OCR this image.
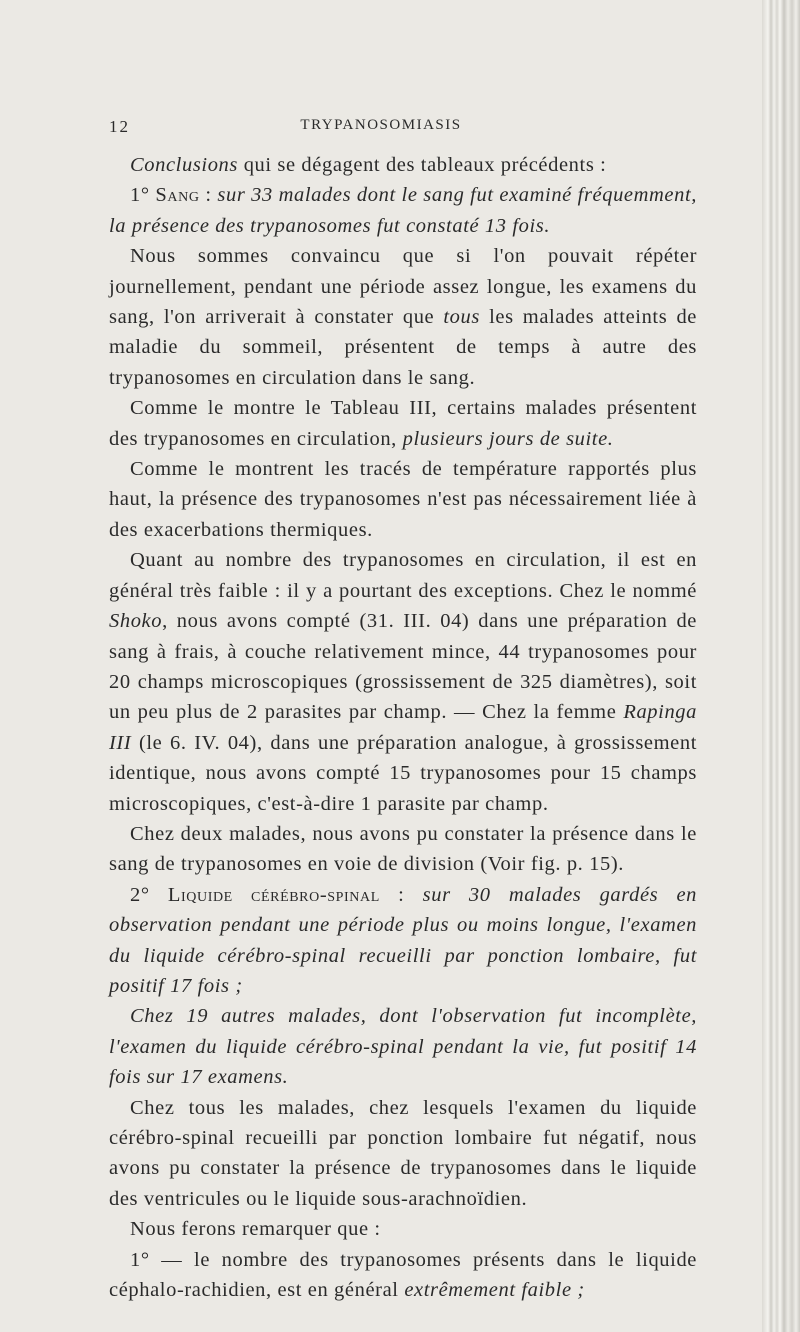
12	TRYPANOSOMIASIS

Conclusions qui se dégagent des tableaux précédents :

1° Sang : sur 33 malades dont le sang fut examiné fréquemment, la présence des trypanosomes fut constaté 13 fois.

Nous sommes convaincu que si l'on pouvait répéter journellement, pendant une période assez longue, les examens du sang, l'on arriverait à constater que tous les malades atteints de maladie du sommeil, présentent de temps à autre des trypanosomes en circulation dans le sang.

Comme le montre le Tableau III, certains malades présentent des trypanosomes en circulation, plusieurs jours de suite.

Comme le montrent les tracés de température rapportés plus haut, la présence des trypanosomes n'est pas nécessairement liée à des exacerbations thermiques.

Quant au nombre des trypanosomes en circulation, il est en général très faible : il y a pourtant des exceptions. Chez le nommé Shoko, nous avons compté (31. III. 04) dans une préparation de sang à frais, à couche relativement mince, 44 trypanosomes pour 20 champs microscopiques (grossissement de 325 diamètres), soit un peu plus de 2 parasites par champ. — Chez la femme Rapinga III (le 6. IV. 04), dans une préparation analogue, à grossissement identique, nous avons compté 15 trypanosomes pour 15 champs microscopiques, c'est-à-dire 1 parasite par champ.

Chez deux malades, nous avons pu constater la présence dans le sang de trypanosomes en voie de division (Voir fig. p. 15).

2° Liquide cérébro-spinal : sur 30 malades gardés en observation pendant une période plus ou moins longue, l'examen du liquide cérébro-spinal recueilli par ponction lombaire, fut positif 17 fois ;

Chez 19 autres malades, dont l'observation fut incomplète, l'examen du liquide cérébro-spinal pendant la vie, fut positif 14 fois sur 17 examens.

Chez tous les malades, chez lesquels l'examen du liquide cérébro-spinal recueilli par ponction lombaire fut négatif, nous avons pu constater la présence de trypanosomes dans le liquide des ventricules ou le liquide sous-arachnoïdien.

Nous ferons remarquer que :

1° — le nombre des trypanosomes présents dans le liquide céphalo-rachidien, est en général extrêmement faible ;
